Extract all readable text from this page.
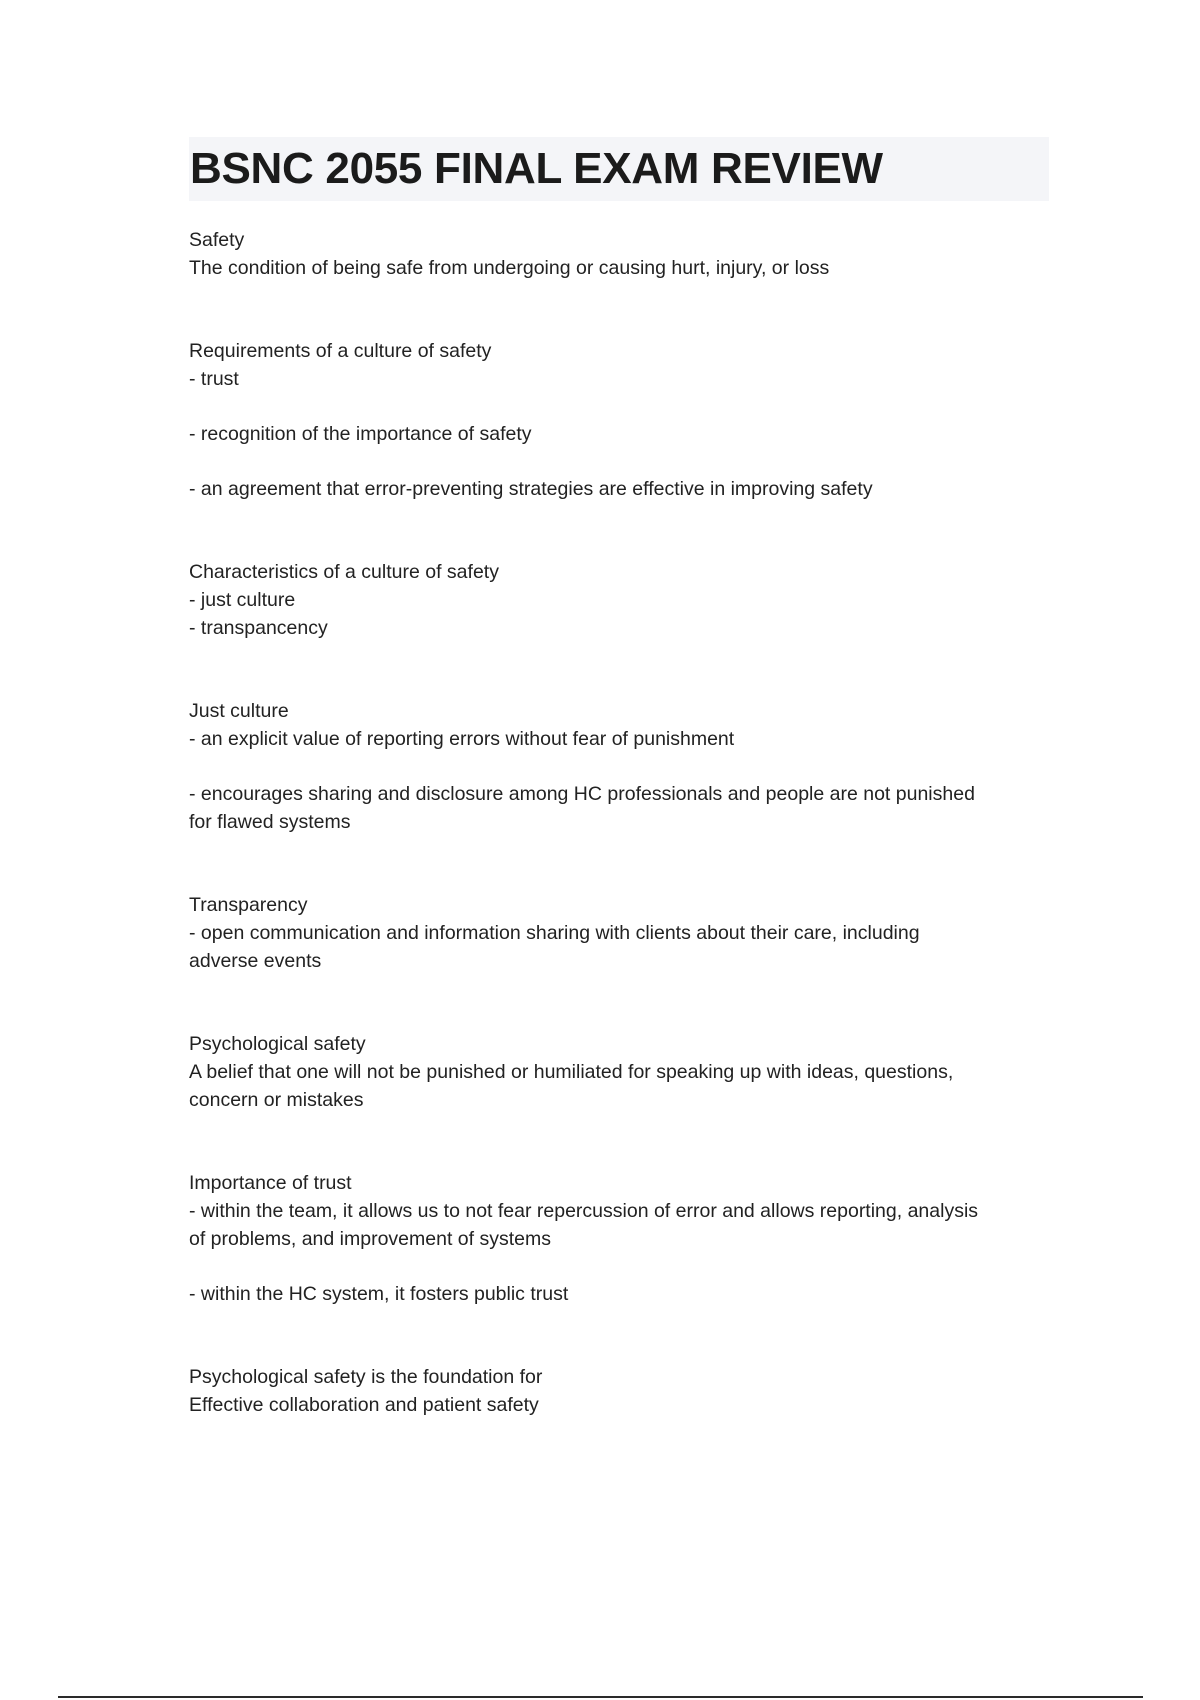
BSNC 2055 FINAL EXAM REVIEW

Safety

The condition of being safe from undergoing or causing hurt, injury, or loss

Requirements of a culture of safety

- trust

- recognition of the importance of safety

- an agreement that error-preventing strategies are effective in improving safety

Characteristics of a culture of safety

- just culture

- transpancency

Just culture

- an explicit value of reporting errors without fear of punishment

- encourages sharing and disclosure among HC professionals and people are not punished

for flawed systems

Transparency

- open communication and information sharing with clients about their care, including

adverse events

Psychological safety

A belief that one will not be punished or humiliated for speaking up with ideas, questions,

concern or mistakes

Importance of trust

- within the team, it allows us to not fear repercussion of error and allows reporting, analysis

of problems, and improvement of systems

- within the HC system, it fosters public trust

Psychological safety is the foundation for

Effective collaboration and patient safety
